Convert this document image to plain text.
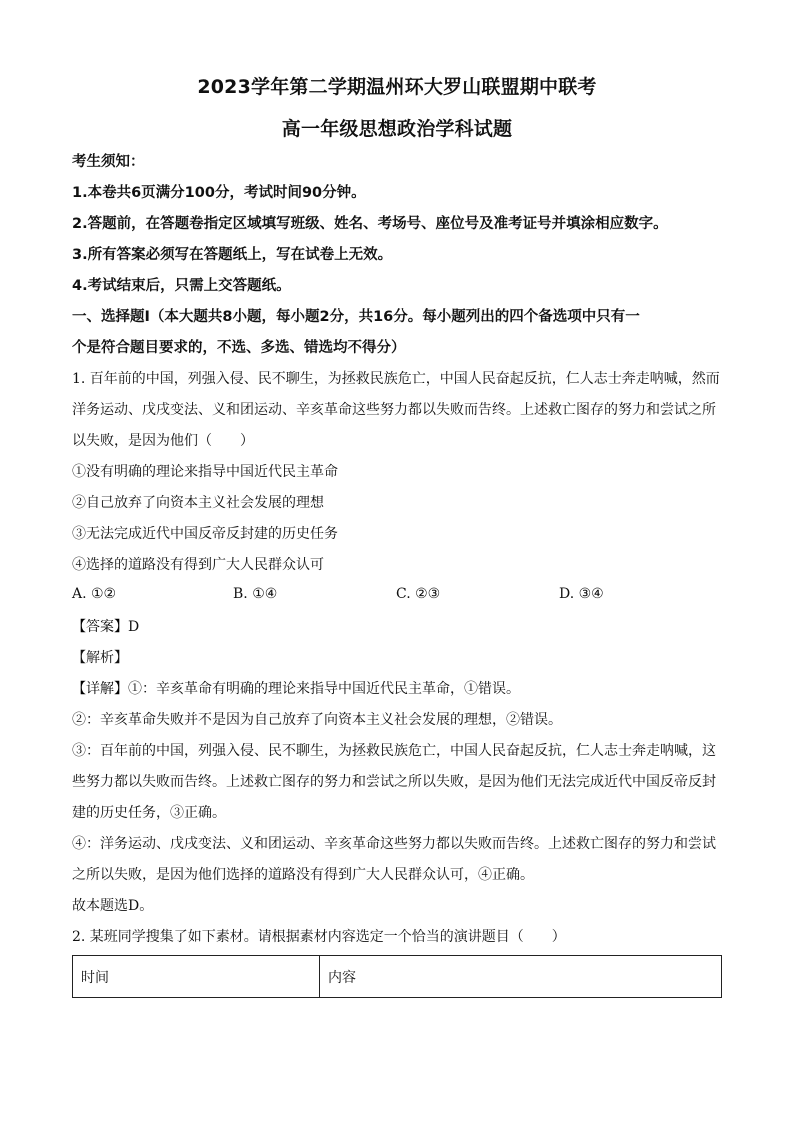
2023学年第二学期温州环大罗山联盟期中联考
高一年级思想政治学科试题
考生须知：
1.本卷共6页满分100分，考试时间90分钟。
2.答题前，在答题卷指定区域填写班级、姓名、考场号、座位号及准考证号并填涂相应数字。
3.所有答案必须写在答题纸上，写在试卷上无效。
4.考试结束后，只需上交答题纸。
一、选择题Ⅰ（本大题共8小题，每小题2分，共16分。每小题列出的四个备选项中只有一
个是符合题目要求的，不选、多选、错选均不得分）
1. 百年前的中国，列强入侵、民不聊生，为拯救民族危亡，中国人民奋起反抗，仁人志士奔走呐喊，然而
洋务运动、戊戌变法、义和团运动、辛亥革命这些努力都以失败而告终。上述救亡图存的努力和尝试之所
以失败，是因为他们（　　）
①没有明确的理论来指导中国近代民主革命
②自己放弃了向资本主义社会发展的理想
③无法完成近代中国反帝反封建的历史任务
④选择的道路没有得到广大人民群众认可
A. ①②	B. ①④	C. ②③	D. ③④
【答案】D
【解析】
【详解】①：辛亥革命有明确的理论来指导中国近代民主革命，①错误。
②：辛亥革命失败并不是因为自己放弃了向资本主义社会发展的理想，②错误。
③：百年前的中国，列强入侵、民不聊生，为拯救民族危亡，中国人民奋起反抗，仁人志士奔走呐喊，这
些努力都以失败而告终。上述救亡图存的努力和尝试之所以失败，是因为他们无法完成近代中国反帝反封
建的历史任务，③正确。
④：洋务运动、戊戌变法、义和团运动、辛亥革命这些努力都以失败而告终。上述救亡图存的努力和尝试
之所以失败，是因为他们选择的道路没有得到广大人民群众认可，④正确。
故本题选D。
2. 某班同学搜集了如下素材。请根据素材内容选定一个恰当的演讲题目（　　）
时间	内容
